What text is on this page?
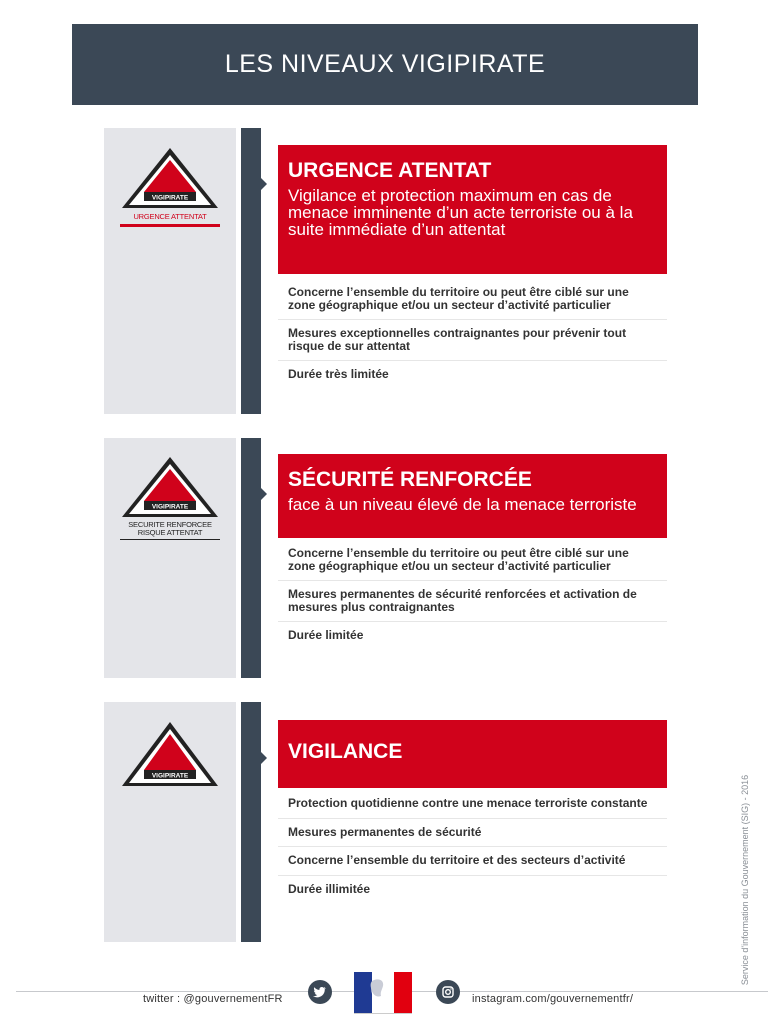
LES NIVEAUX VIGIPIRATE
VIGIPIRATE
URGENCE ATTENTAT
URGENCE ATENTAT
Vigilance et protection maximum en cas de menace imminente d’un acte terroriste ou à la suite immédiate d’un attentat
Concerne l’ensemble du territoire ou peut être ciblé sur une zone géographique et/ou un secteur d’activité particulier
Mesures exceptionnelles contraignantes pour prévenir tout risque de sur attentat
Durée très limitée
VIGIPIRATE
SECURITE RENFORCEE
RISQUE ATTENTAT
SÉCURITÉ RENFORCÉE
face à un niveau élevé de la menace terroriste
Concerne l’ensemble du territoire ou peut être ciblé sur une zone géographique et/ou un secteur d’activité particulier
Mesures permanentes de sécurité renforcées et activation de mesures plus contraignantes
Durée limitée
VIGIPIRATE
VIGILANCE
Protection quotidienne contre une menace terroriste constante
Mesures permanentes de sécurité
Concerne l’ensemble du territoire et des secteurs d’activité
Durée illimitée	Service d'information du Gouvernement (SIG) - 2016
twitter : @gouvernementFR	instagram.com/gouvernementfr/
